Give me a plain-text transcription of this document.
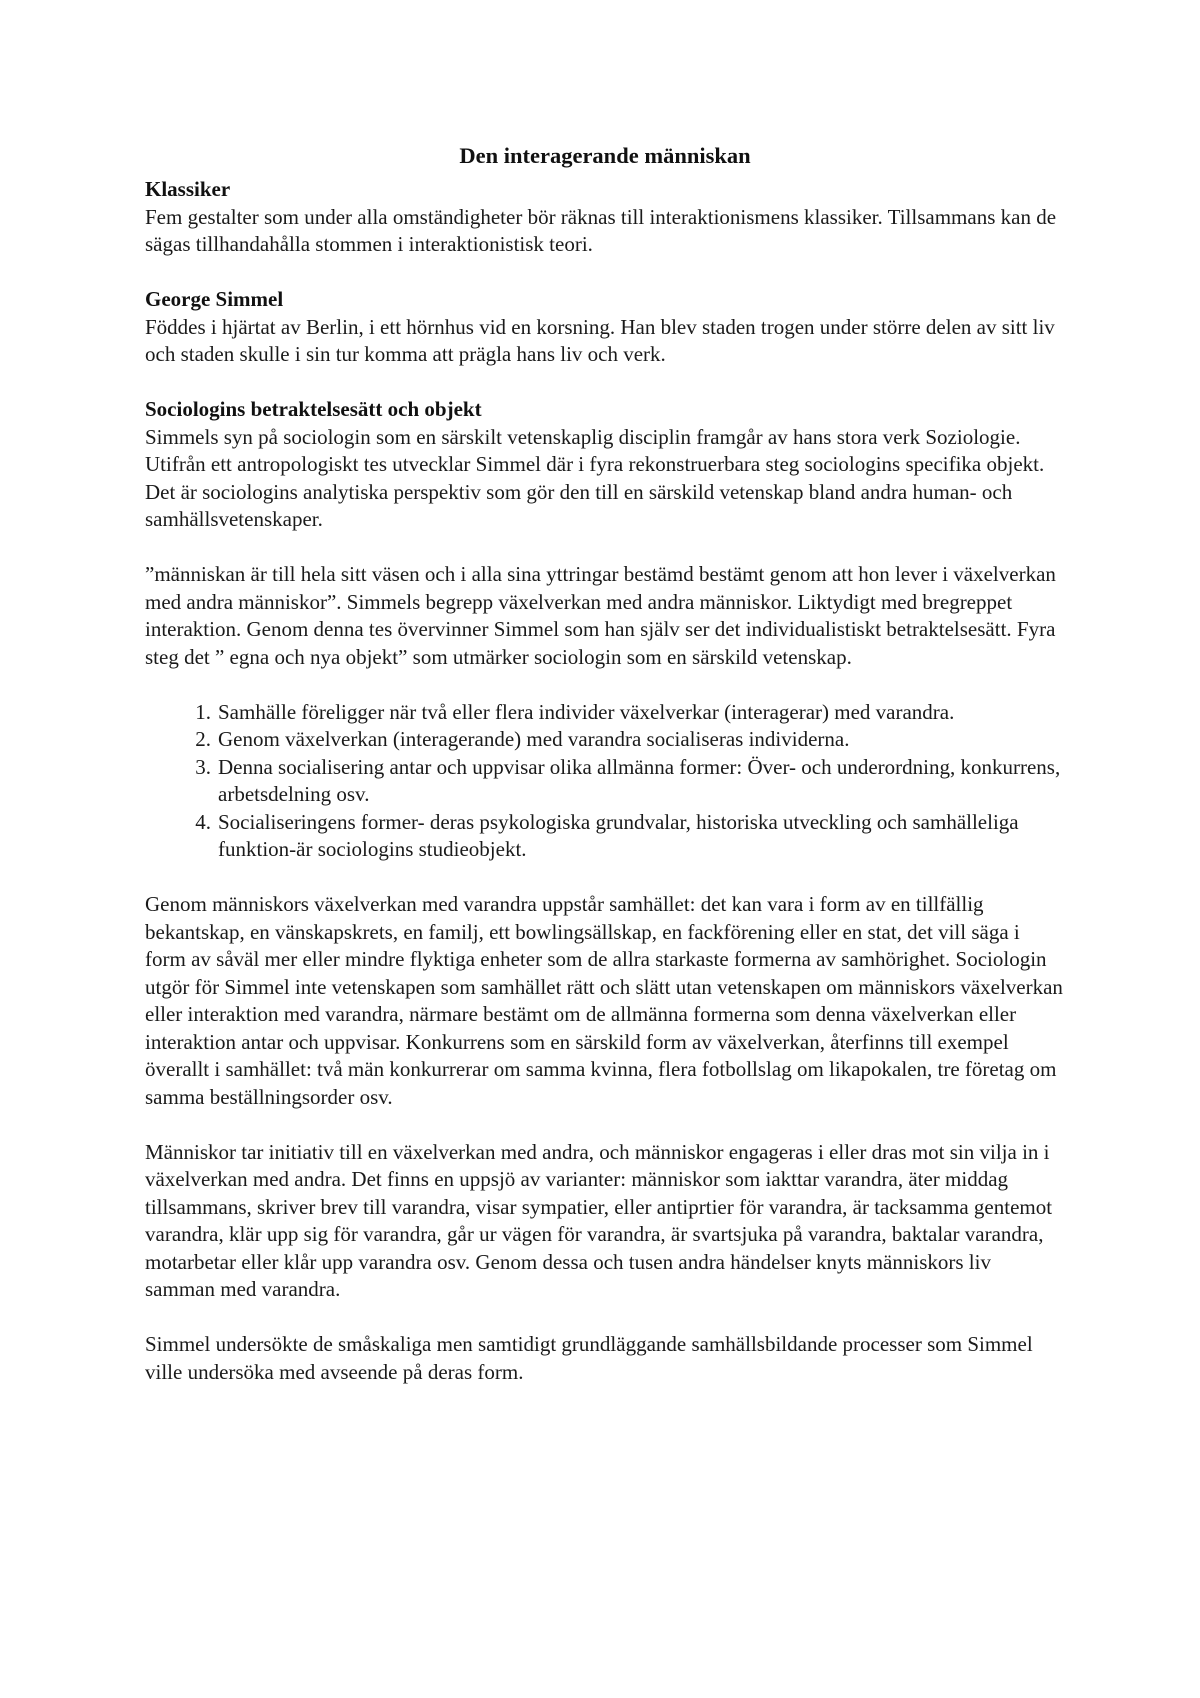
Den interagerande människan
Klassiker

Fem gestalter som under alla omständigheter bör räknas till interaktionismens klassiker. Tillsammans kan de sägas tillhandahålla stommen i interaktionistisk teori.

George Simmel

Föddes i hjärtat av Berlin, i ett hörnhus vid en korsning. Han blev staden trogen under större delen av sitt liv och staden skulle i sin tur komma att prägla hans liv och verk.

Sociologins betraktelsesätt och objekt

Simmels syn på sociologin som en särskilt vetenskaplig disciplin framgår av hans stora verk Soziologie. Utifrån ett antropologiskt tes utvecklar Simmel där i fyra rekonstruerbara steg sociologins specifika objekt. Det är sociologins analytiska perspektiv som gör den till en särskild vetenskap bland andra human- och samhällsvetenskaper.

”människan är till hela sitt väsen och i alla sina yttringar bestämd bestämt genom att hon lever i växelverkan med andra människor”. Simmels begrepp växelverkan med andra människor. Liktydigt med bregreppet interaktion. Genom denna tes övervinner Simmel som han själv ser det individualistiskt betraktelsesätt. Fyra steg det ” egna och nya objekt” som utmärker sociologin som en särskild vetenskap.

1. Samhälle föreligger när två eller flera individer växelverkar (interagerar) med varandra.
2. Genom växelverkan (interagerande) med varandra socialiseras individerna.
3. Denna socialisering antar och uppvisar olika allmänna former: Över- och underordning, konkurrens, arbetsdelning osv.
4. Socialiseringens former- deras psykologiska grundvalar, historiska utveckling och samhälleliga funktion-är sociologins studieobjekt.

Genom människors växelverkan med varandra uppstår samhället: det kan vara i form av en tillfällig bekantskap, en vänskapskrets, en familj, ett bowlingsällskap, en fackförening eller en stat, det vill säga i form av såväl mer eller mindre flyktiga enheter som de allra starkaste formerna av samhörighet. Sociologin utgör för Simmel inte vetenskapen som samhället rätt och slätt utan vetenskapen om människors växelverkan eller interaktion med varandra, närmare bestämt om de allmänna formerna som denna växelverkan eller interaktion antar och uppvisar. Konkurrens som en särskild form av växelverkan, återfinns till exempel överallt i samhället: två män konkurrerar om samma kvinna, flera fotbollslag om likapokalen, tre företag om samma beställningsorder osv.

Människor tar initiativ till en växelverkan med andra, och människor engageras i eller dras mot sin vilja in i växelverkan med andra. Det finns en uppsjö av varianter: människor som iakttar varandra, äter middag tillsammans, skriver brev till varandra, visar sympatier, eller antiprtier för varandra, är tacksamma gentemot varandra, klär upp sig för varandra, går ur vägen för varandra, är svartsjuka på varandra, baktalar varandra, motarbetar eller klår upp varandra osv. Genom dessa och tusen andra händelser knyts människors liv samman med varandra.

Simmel undersökte de småskaliga men samtidigt grundläggande samhällsbildande processer som Simmel ville undersöka med avseende på deras form.
